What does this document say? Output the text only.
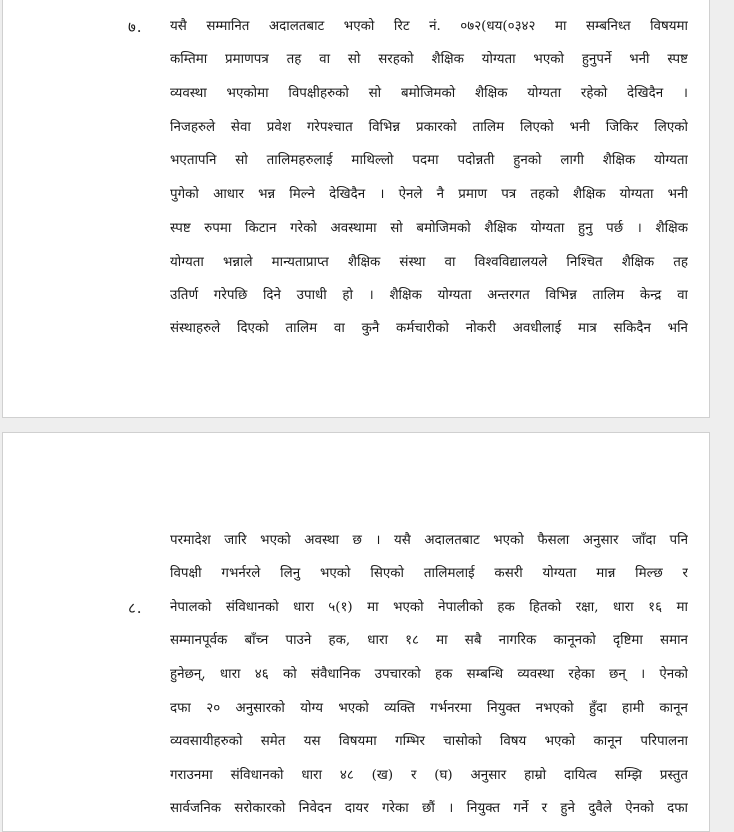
७. यसै सम्मानित अदालतबाट भएको रिट नं. ०७२(धय(०३४२ मा सम्बनिध्त विषयमा
कम्तिमा प्रमाणपत्र तह वा सो सरहको शैक्षिक योग्यता भएको हुनुपर्ने भनी स्पष्ट
व्यवस्था भएकोमा विपक्षीहरुको सो बमोजिमको शैक्षिक योग्यता रहेको देखिदैन ।
निजहरुले सेवा प्रवेश गरेपश्चात विभिन्न प्रकारको तालिम लिएको भनी जिकिर लिएको
भएतापनि सो तालिमहरुलाई माथिल्लो पदमा पदोन्नती हुनको लागी शैक्षिक योग्यता
पुगेको आधार भन्न मिल्ने देखिदैन । ऐनले नै प्रमाण पत्र तहको शैक्षिक योग्यता भनी
स्पष्ट रुपमा किटान गरेको अवस्थामा सो बमोजिमको शैक्षिक योग्यता हुनु पर्छ । शैक्षिक
योग्यता भन्नाले मान्यताप्राप्त शैक्षिक संस्था वा विश्वविद्यालयले निश्चित शैक्षिक तह
उतिर्ण गरेपछि दिने उपाधी हो । शैक्षिक योग्यता अन्तरगत विभिन्न तालिम केन्द्र वा
संस्थाहरुले दिएको तालिम वा कुनै कर्मचारीको नोकरी अवधीलाई मात्र सकिदैन भनि
परमादेश जारि भएको अवस्था छ । यसै अदालतबाट भएको फैसला अनुसार जाँदा पनि
विपक्षी गभर्नरले लिनु भएको सिएको तालिमलाई कसरी योग्यता मान्न मिल्छ र
८. नेपालको संविधानको धारा ५(१) मा भएको नेपालीको हक हितको रक्षा, धारा १६ मा
सम्मानपूर्वक बाँच्न पाउने हक, धारा १८ मा सबै नागरिक कानूनको दृष्टिमा समान
हुनेछन्, धारा ४६ को संवैधानिक उपचारको हक सम्बन्धि व्यवस्था रहेका छन् । ऐनको
दफा २० अनुसारको योग्य भएको व्यक्ति गर्भनरमा नियुक्त नभएको हुँदा हामी कानून
व्यवसायीहरुको समेत यस विषयमा गम्भिर चासोको विषय भएको कानून परिपालना
गराउनमा संविधानको धारा ४८ (ख) र (घ) अनुसार हाम्रो दायित्व सम्झि प्रस्तुत
सार्वजनिक सरोकारको निवेदन दायर गरेका छौं । नियुक्त गर्ने र हुने दुवैले ऐनको दफा
